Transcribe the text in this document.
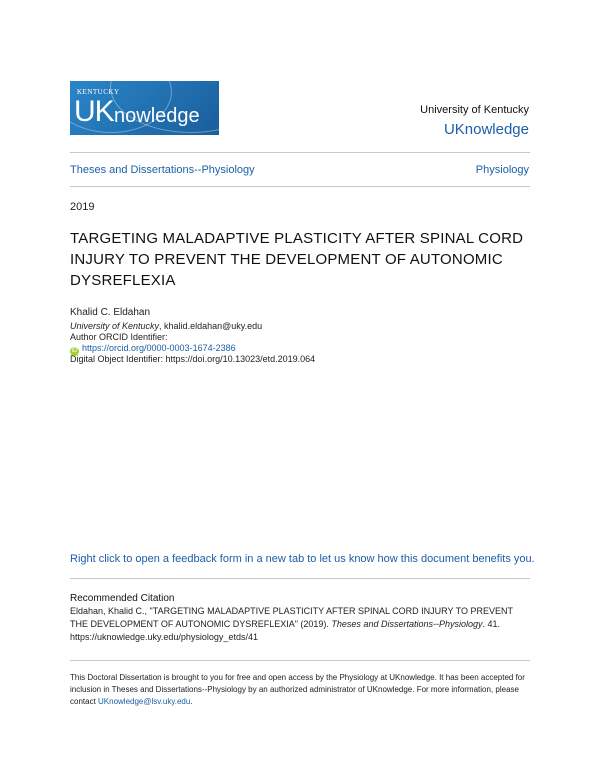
KENTUCKY
UK nowledge	University of Kentucky
UKnowledge
Theses and Dissertations--Physiology	Physiology
2019
TARGETING MALADAPTIVE PLASTICITY AFTER SPINAL CORD INJURY TO PREVENT THE DEVELOPMENT OF AUTONOMIC DYSREFLEXIA
Khalid C. Eldahan
University of Kentucky, khalid.eldahan@uky.edu
Author ORCID Identifier:
iD https://orcid.org/0000-0003-1674-2386
Digital Object Identifier: https://doi.org/10.13023/etd.2019.064
Right click to open a feedback form in a new tab to let us know how this document benefits you.
Recommended Citation
Eldahan, Khalid C., "TARGETING MALADAPTIVE PLASTICITY AFTER SPINAL CORD INJURY TO PREVENT THE DEVELOPMENT OF AUTONOMIC DYSREFLEXIA" (2019). Theses and Dissertations--Physiology. 41.
https://uknowledge.uky.edu/physiology_etds/41
This Doctoral Dissertation is brought to you for free and open access by the Physiology at UKnowledge. It has been accepted for inclusion in Theses and Dissertations--Physiology by an authorized administrator of UKnowledge. For more information, please contact UKnowledge@lsv.uky.edu.
